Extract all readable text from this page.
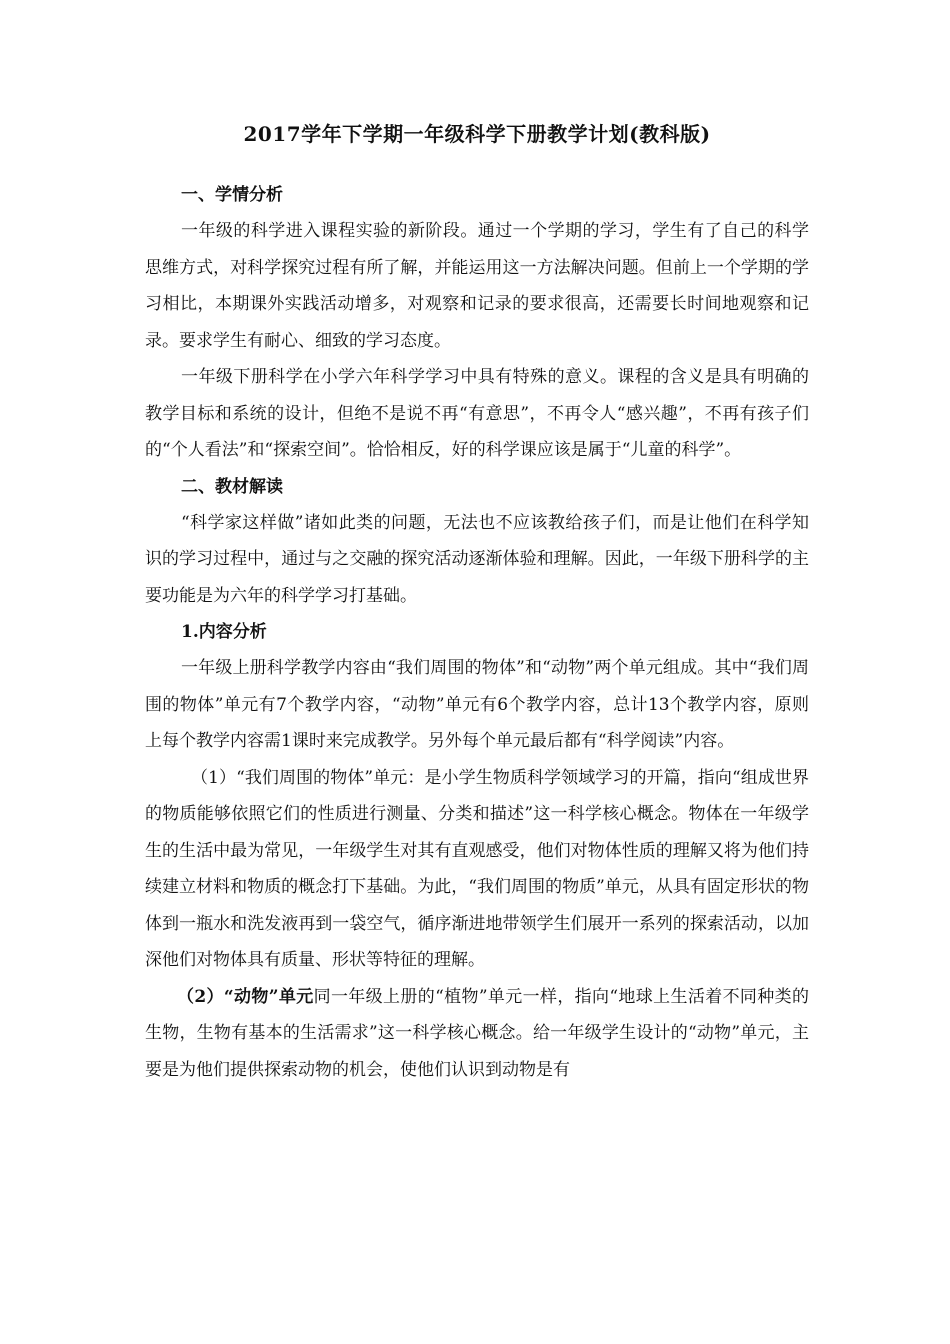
2017学年下学期一年级科学下册教学计划(教科版)

一、学情分析

一年级的科学进入课程实验的新阶段。通过一个学期的学习，学生有了自己的科学思维方式，对科学探究过程有所了解，并能运用这一方法解决问题。但前上一个学期的学习相比，本期课外实践活动增多，对观察和记录的要求很高，还需要长时间地观察和记录。要求学生有耐心、细致的学习态度。

一年级下册科学在小学六年科学学习中具有特殊的意义。课程的含义是具有明确的教学目标和系统的设计，但绝不是说不再“有意思”，不再令人“感兴趣”，不再有孩子们的“个人看法”和“探索空间”。恰恰相反，好的科学课应该是属于“儿童的科学”。

二、教材解读

“科学家这样做”诸如此类的问题，无法也不应该教给孩子们，而是让他们在科学知识的学习过程中，通过与之交融的探究活动逐渐体验和理解。因此，一年级下册科学的主要功能是为六年的科学学习打基础。

1.内容分析

一年级上册科学教学内容由“我们周围的物体”和“动物”两个单元组成。其中“我们周围的物体”单元有7个教学内容，“动物”单元有6个教学内容，总计13个教学内容，原则上每个教学内容需1课时来完成教学。另外每个单元最后都有“科学阅读”内容。

（1）“我们周围的物体”单元：是小学生物质科学领域学习的开篇，指向“组成世界的物质能够依照它们的性质进行测量、分类和描述”这一科学核心概念。物体在一年级学生的生活中最为常见，一年级学生对其有直观感受，他们对物体性质的理解又将为他们持续建立材料和物质的概念打下基础。为此，“我们周围的物质”单元，从具有固定形状的物体到一瓶水和洗发液再到一袋空气，循序渐进地带领学生们展开一系列的探索活动，以加深他们对物体具有质量、形状等特征的理解。

（2）“动物”单元同一年级上册的“植物”单元一样，指向“地球上生活着不同种类的生物，生物有基本的生活需求”这一科学核心概念。给一年级学生设计的“动物”单元，主要是为他们提供探索动物的机会，使他们认识到动物是有
